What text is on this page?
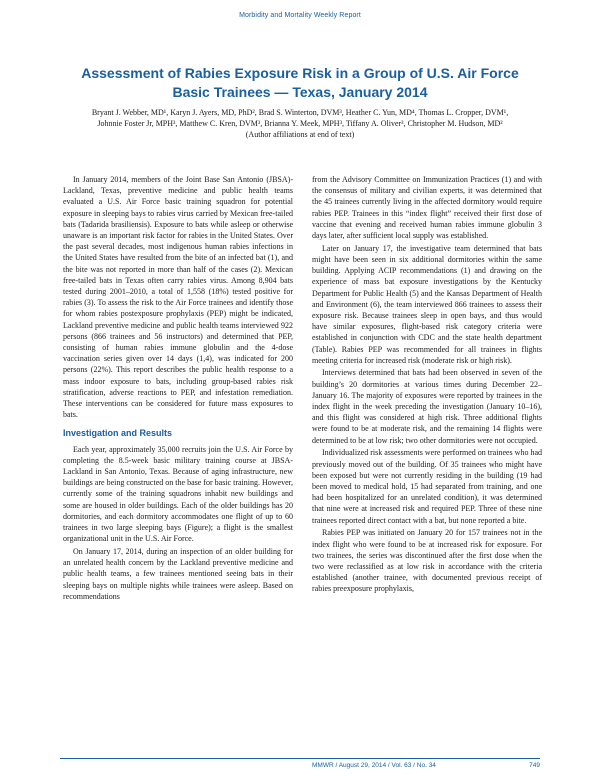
Morbidity and Mortality Weekly Report
Assessment of Rabies Exposure Risk in a Group of U.S. Air Force
Basic Trainees — Texas, January 2014
Bryant J. Webber, MD¹, Karyn J. Ayers, MD, PhD², Brad S. Winterton, DVM³, Heather C. Yun, MD⁴, Thomas L. Cropper, DVM¹,
Johnnie Foster Jr, MPH³, Matthew C. Kren, DVM³, Brianna Y. Meek, MPH³, Tiffany A. Oliver³, Christopher M. Hudson, MD²
(Author affiliations at end of text)

In January 2014, members of the Joint Base San Antonio (JBSA)-Lackland, Texas, preventive medicine and public health teams evaluated a U.S. Air Force basic training squadron for potential exposure in sleeping bays to rabies virus carried by Mexican free-tailed bats (Tadarida brasiliensis). Exposure to bats while asleep or otherwise unaware is an important risk factor for rabies in the United States. Over the past several decades, most indigenous human rabies infections in the United States have resulted from the bite of an infected bat (1), and the bite was not reported in more than half of the cases (2). Mexican free-tailed bats in Texas often carry rabies virus. Among 8,904 bats tested during 2001–2010, a total of 1,558 (18%) tested positive for rabies (3). To assess the risk to the Air Force trainees and identify those for whom rabies postexposure prophylaxis (PEP) might be indicated, Lackland preventive medicine and public health teams interviewed 922 persons (866 trainees and 56 instructors) and determined that PEP, consisting of human rabies immune globulin and the 4-dose vaccination series given over 14 days (1,4), was indicated for 200 persons (22%). This report describes the public health response to a mass indoor exposure to bats, including group-based rabies risk stratification, adverse reactions to PEP, and infestation remediation. These interventions can be considered for future mass exposures to bats.

Investigation and Results

Each year, approximately 35,000 recruits join the U.S. Air Force by completing the 8.5-week basic military training course at JBSA-Lackland in San Antonio, Texas. Because of aging infrastructure, new buildings are being constructed on the base for basic training. However, currently some of the training squadrons inhabit new buildings and some are housed in older buildings. Each of the older buildings has 20 dormitories, and each dormitory accommodates one flight of up to 60 trainees in two large sleeping bays (Figure); a flight is the smallest organizational unit in the U.S. Air Force.

On January 17, 2014, during an inspection of an older building for an unrelated health concern by the Lackland preventive medicine and public health teams, a few trainees mentioned seeing bats in their sleeping bays on multiple nights while trainees were asleep. Based on recommendations

from the Advisory Committee on Immunization Practices (1) and with the consensus of military and civilian experts, it was determined that the 45 trainees currently living in the affected dormitory would require rabies PEP. Trainees in this “index flight” received their first dose of vaccine that evening and received human rabies immune globulin 3 days later, after sufficient local supply was established.

Later on January 17, the investigative team determined that bats might have been seen in six additional dormitories within the same building. Applying ACIP recommendations (1) and drawing on the experience of mass bat exposure investigations by the Kentucky Department for Public Health (5) and the Kansas Department of Health and Environment (6), the team interviewed 866 trainees to assess their exposure risk. Because trainees sleep in open bays, and thus would have similar exposures, flight-based risk category criteria were established in conjunction with CDC and the state health department (Table). Rabies PEP was recommended for all trainees in flights meeting criteria for increased risk (moderate risk or high risk).

Interviews determined that bats had been observed in seven of the building’s 20 dormitories at various times during December 22–January 16. The majority of exposures were reported by trainees in the index flight in the week preceding the investigation (January 10–16), and this flight was considered at high risk. Three additional flights were found to be at moderate risk, and the remaining 14 flights were determined to be at low risk; two other dormitories were not occupied.

Individualized risk assessments were performed on trainees who had previously moved out of the building. Of 35 trainees who might have been exposed but were not currently residing in the building (19 had been moved to medical hold, 15 had separated from training, and one had been hospitalized for an unrelated condition), it was determined that nine were at increased risk and required PEP. Three of these nine trainees reported direct contact with a bat, but none reported a bite.

Rabies PEP was initiated on January 20 for 157 trainees not in the index flight who were found to be at increased risk for exposure. For two trainees, the series was discontinued after the first dose when the two were reclassified as at low risk in accordance with the criteria established (another trainee, with documented previous receipt of rabies preexposure prophylaxis,

MMWR / August 29, 2014 / Vol. 63 / No. 34	749
